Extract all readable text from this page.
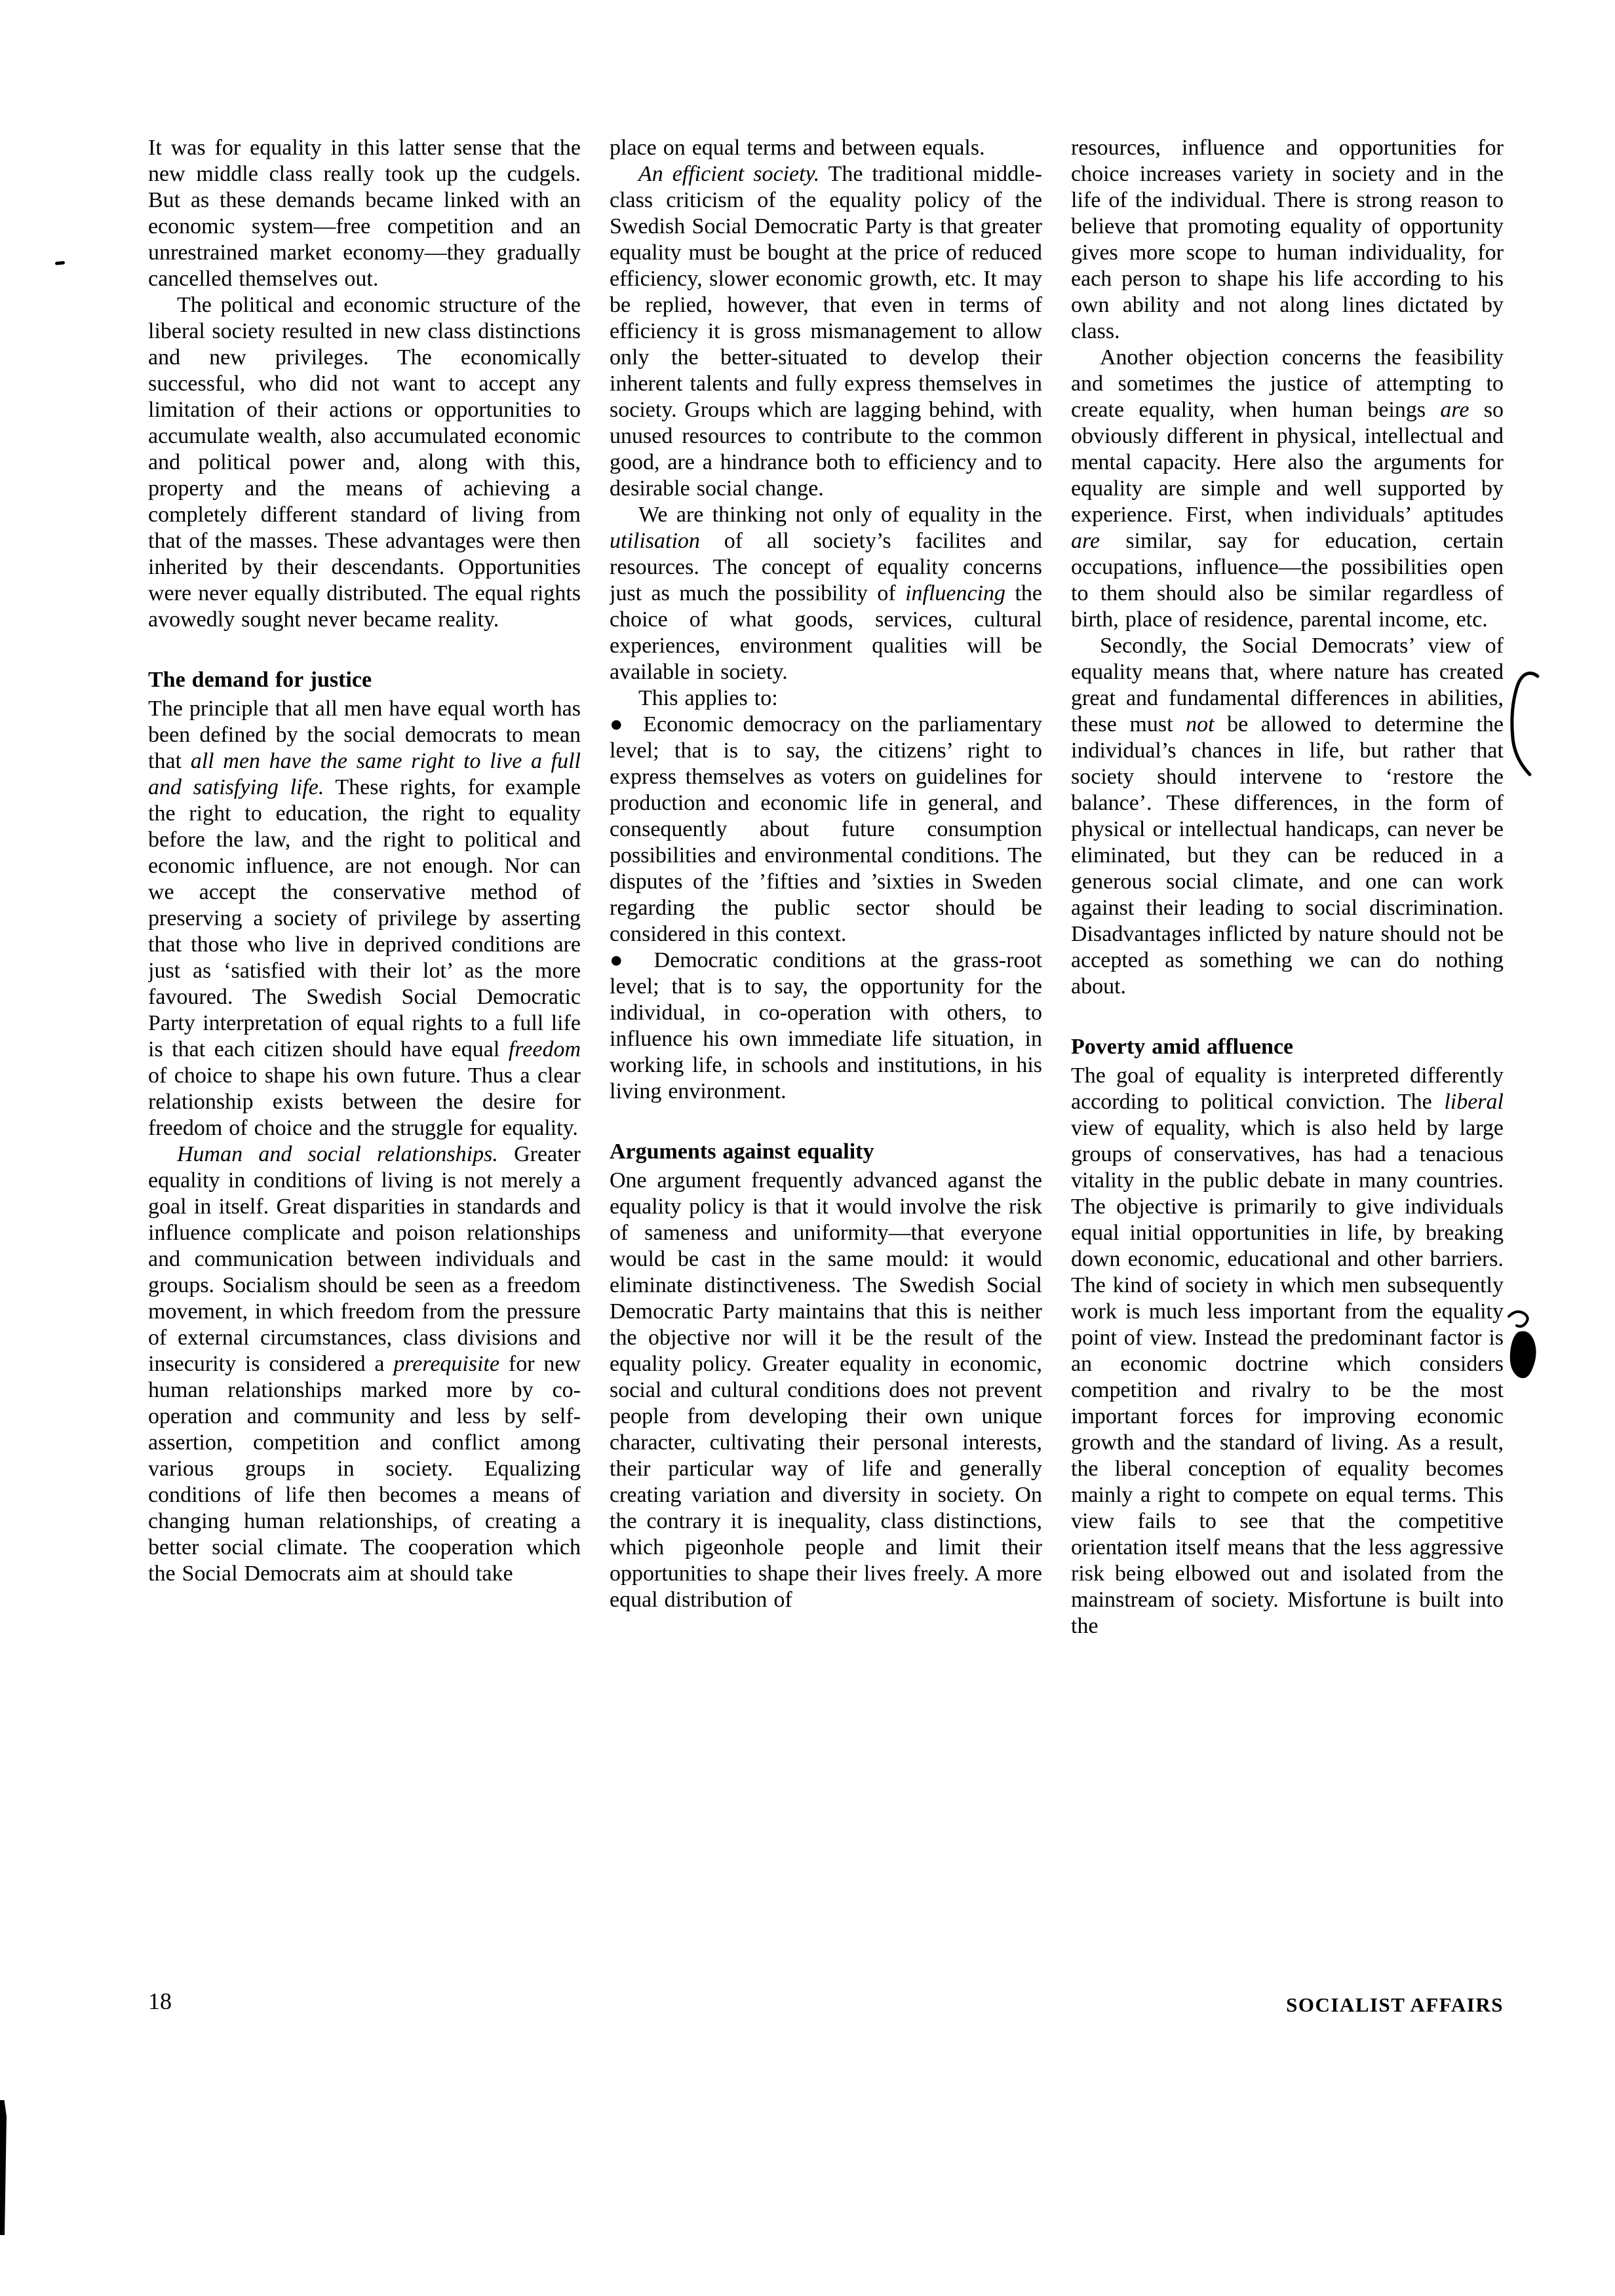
It was for equality in this latter sense that the new middle class really took up the cudgels. But as these demands became linked with an economic system—free competition and an unrestrained market economy—they gradually cancelled themselves out.

The political and economic structure of the liberal society resulted in new class distinctions and new privileges. The economically successful, who did not want to accept any limitation of their actions or opportunities to accumulate wealth, also accumulated economic and political power and, along with this, property and the means of achieving a completely different standard of living from that of the masses. These advantages were then inherited by their descendants. Opportunities were never equally distributed. The equal rights avowedly sought never became reality.

The demand for justice

The principle that all men have equal worth has been defined by the social democrats to mean that all men have the same right to live a full and satisfying life. These rights, for example the right to education, the right to equality before the law, and the right to political and economic influence, are not enough. Nor can we accept the conservative method of preserving a society of privilege by asserting that those who live in deprived conditions are just as ‘satisfied with their lot’ as the more favoured. The Swedish Social Democratic Party interpretation of equal rights to a full life is that each citizen should have equal freedom of choice to shape his own future. Thus a clear relationship exists between the desire for freedom of choice and the struggle for equality.

Human and social relationships. Greater equality in conditions of living is not merely a goal in itself. Great disparities in standards and influence complicate and poison relationships and communication between individuals and groups. Socialism should be seen as a freedom movement, in which freedom from the pressure of external circumstances, class divisions and insecurity is considered a prerequisite for new human relationships marked more by co-operation and community and less by self-assertion, competition and conflict among various groups in society. Equalizing conditions of life then becomes a means of changing human relationships, of creating a better social climate. The cooperation which the Social Democrats aim at should take

place on equal terms and between equals.

An efficient society. The traditional middle-class criticism of the equality policy of the Swedish Social Democratic Party is that greater equality must be bought at the price of reduced efficiency, slower economic growth, etc. It may be replied, however, that even in terms of efficiency it is gross mismanagement to allow only the better-situated to develop their inherent talents and fully express themselves in society. Groups which are lagging behind, with unused resources to contribute to the common good, are a hindrance both to efficiency and to desirable social change.

We are thinking not only of equality in the utilisation of all society’s facilites and resources. The concept of equality concerns just as much the possibility of influencing the choice of what goods, services, cultural experiences, environment qualities will be available in society.

This applies to:

● Economic democracy on the parliamentary level; that is to say, the citizens’ right to express themselves as voters on guidelines for production and economic life in general, and consequently about future consumption possibilities and environmental conditions. The disputes of the ’fifties and ’sixties in Sweden regarding the public sector should be considered in this context.

● Democratic conditions at the grass-root level; that is to say, the opportunity for the individual, in co-operation with others, to influence his own immediate life situation, in working life, in schools and institutions, in his living environment.

Arguments against equality

One argument frequently advanced aganst the equality policy is that it would involve the risk of sameness and uniformity—that everyone would be cast in the same mould: it would eliminate distinctiveness. The Swedish Social Democratic Party maintains that this is neither the objective nor will it be the result of the equality policy. Greater equality in economic, social and cultural conditions does not prevent people from developing their own unique character, cultivating their personal interests, their particular way of life and generally creating variation and diversity in society. On the contrary it is inequality, class distinctions, which pigeonhole people and limit their opportunities to shape their lives freely. A more equal distribution of

resources, influence and opportunities for choice increases variety in society and in the life of the individual. There is strong reason to believe that promoting equality of opportunity gives more scope to human individuality, for each person to shape his life according to his own ability and not along lines dictated by class.

Another objection concerns the feasibility and sometimes the justice of attempting to create equality, when human beings are so obviously different in physical, intellectual and mental capacity. Here also the arguments for equality are simple and well supported by experience. First, when individuals’ aptitudes are similar, say for education, certain occupations, influence—the possibilities open to them should also be similar regardless of birth, place of residence, parental income, etc.

Secondly, the Social Democrats’ view of equality means that, where nature has created great and fundamental differences in abilities, these must not be allowed to determine the individual’s chances in life, but rather that society should intervene to ‘restore the balance’. These differences, in the form of physical or intellectual handicaps, can never be eliminated, but they can be reduced in a generous social climate, and one can work against their leading to social discrimination. Disadvantages inflicted by nature should not be accepted as something we can do nothing about.

Poverty amid affluence

The goal of equality is interpreted differently according to political conviction. The liberal view of equality, which is also held by large groups of conservatives, has had a tenacious vitality in the public debate in many countries. The objective is primarily to give individuals equal initial opportunities in life, by breaking down economic, educational and other barriers. The kind of society in which men subsequently work is much less important from the equality point of view. Instead the predominant factor is an economic doctrine which considers competition and rivalry to be the most important forces for improving economic growth and the standard of living. As a result, the liberal conception of equality becomes mainly a right to compete on equal terms. This view fails to see that the competitive orientation itself means that the less aggressive risk being elbowed out and isolated from the mainstream of society. Misfortune is built into the

18	SOCIALIST AFFAIRS
